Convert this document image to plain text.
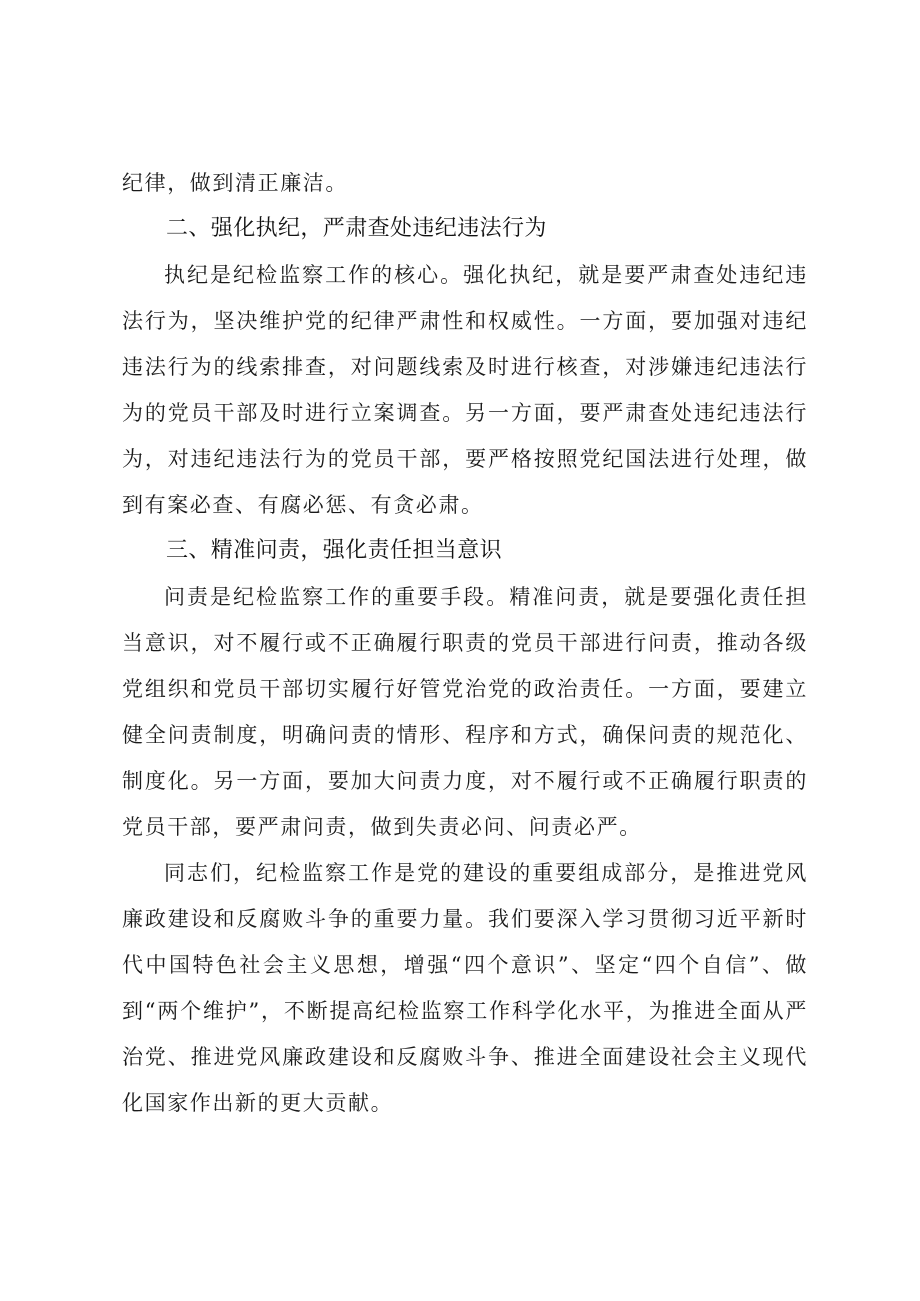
纪律，做到清正廉洁。

二、强化执纪，严肃查处违纪违法行为

执纪是纪检监察工作的核心。强化执纪，就是要严肃查处违纪违法行为，坚决维护党的纪律严肃性和权威性。一方面，要加强对违纪违法行为的线索排查，对问题线索及时进行核查，对涉嫌违纪违法行为的党员干部及时进行立案调查。另一方面，要严肃查处违纪违法行为，对违纪违法行为的党员干部，要严格按照党纪国法进行处理，做到有案必查、有腐必惩、有贪必肃。

三、精准问责，强化责任担当意识

问责是纪检监察工作的重要手段。精准问责，就是要强化责任担当意识，对不履行或不正确履行职责的党员干部进行问责，推动各级党组织和党员干部切实履行好管党治党的政治责任。一方面，要建立健全问责制度，明确问责的情形、程序和方式，确保问责的规范化、制度化。另一方面，要加大问责力度，对不履行或不正确履行职责的党员干部，要严肃问责，做到失责必问、问责必严。

同志们，纪检监察工作是党的建设的重要组成部分，是推进党风廉政建设和反腐败斗争的重要力量。我们要深入学习贯彻习近平新时代中国特色社会主义思想，增强“四个意识”、坚定“四个自信”、做到“两个维护”，不断提高纪检监察工作科学化水平，为推进全面从严治党、推进党风廉政建设和反腐败斗争、推进全面建设社会主义现代化国家作出新的更大贡献。
